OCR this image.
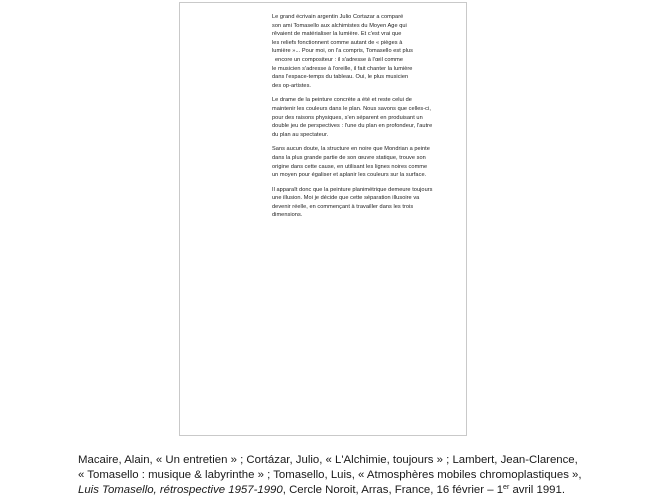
Le grand écrivain argentin Julio Cortazar a comparé
son ami Tomasello aux alchimistes du Moyen Age qui
rêvaient de matérialiser la lumière. Et c'est vrai que
les reliefs fonctionnent comme autant de « pièges à
lumière »... Pour moi, on l'a compris, Tomasello est plus
encore un compositeur : il s'adresse à l'œil comme
le musicien s'adresse à l'oreille, il fait chanter la lumière
dans l'espace-temps du tableau. Oui, le plus musicien
des op-artistes.

Le drame de la peinture concrète a été et reste celui de
maintenir les couleurs dans le plan. Nous savons que celles-ci,
pour des raisons physiques, s'en séparent en produisant un
double jeu de perspectives : l'une du plan en profondeur, l'autre
du plan au spectateur.

Sans aucun doute, la structure en noire que Mondrian a peinte
dans la plus grande partie de son œuvre statique, trouve son
origine dans cette cause, en utilisant les lignes noires comme
un moyen pour égaliser et aplanir les couleurs sur la surface.

Il apparaît donc que la peinture planimétrique demeure toujours
une illusion. Moi je décide que cette séparation illusoire va
devenir réelle, en commençant à travailler dans les trois
dimensions.

Macaire, Alain, « Un entretien » ; Cortázar, Julio, « L'Alchimie, toujours » ; Lambert, Jean-Clarence,
« Tomasello : musique & labyrinthe » ; Tomasello, Luis, « Atmosphères mobiles chromoplastiques »,
Luis Tomasello, rétrospective 1957-1990, Cercle Noroit, Arras, France, 16 février – 1er avril 1991.
